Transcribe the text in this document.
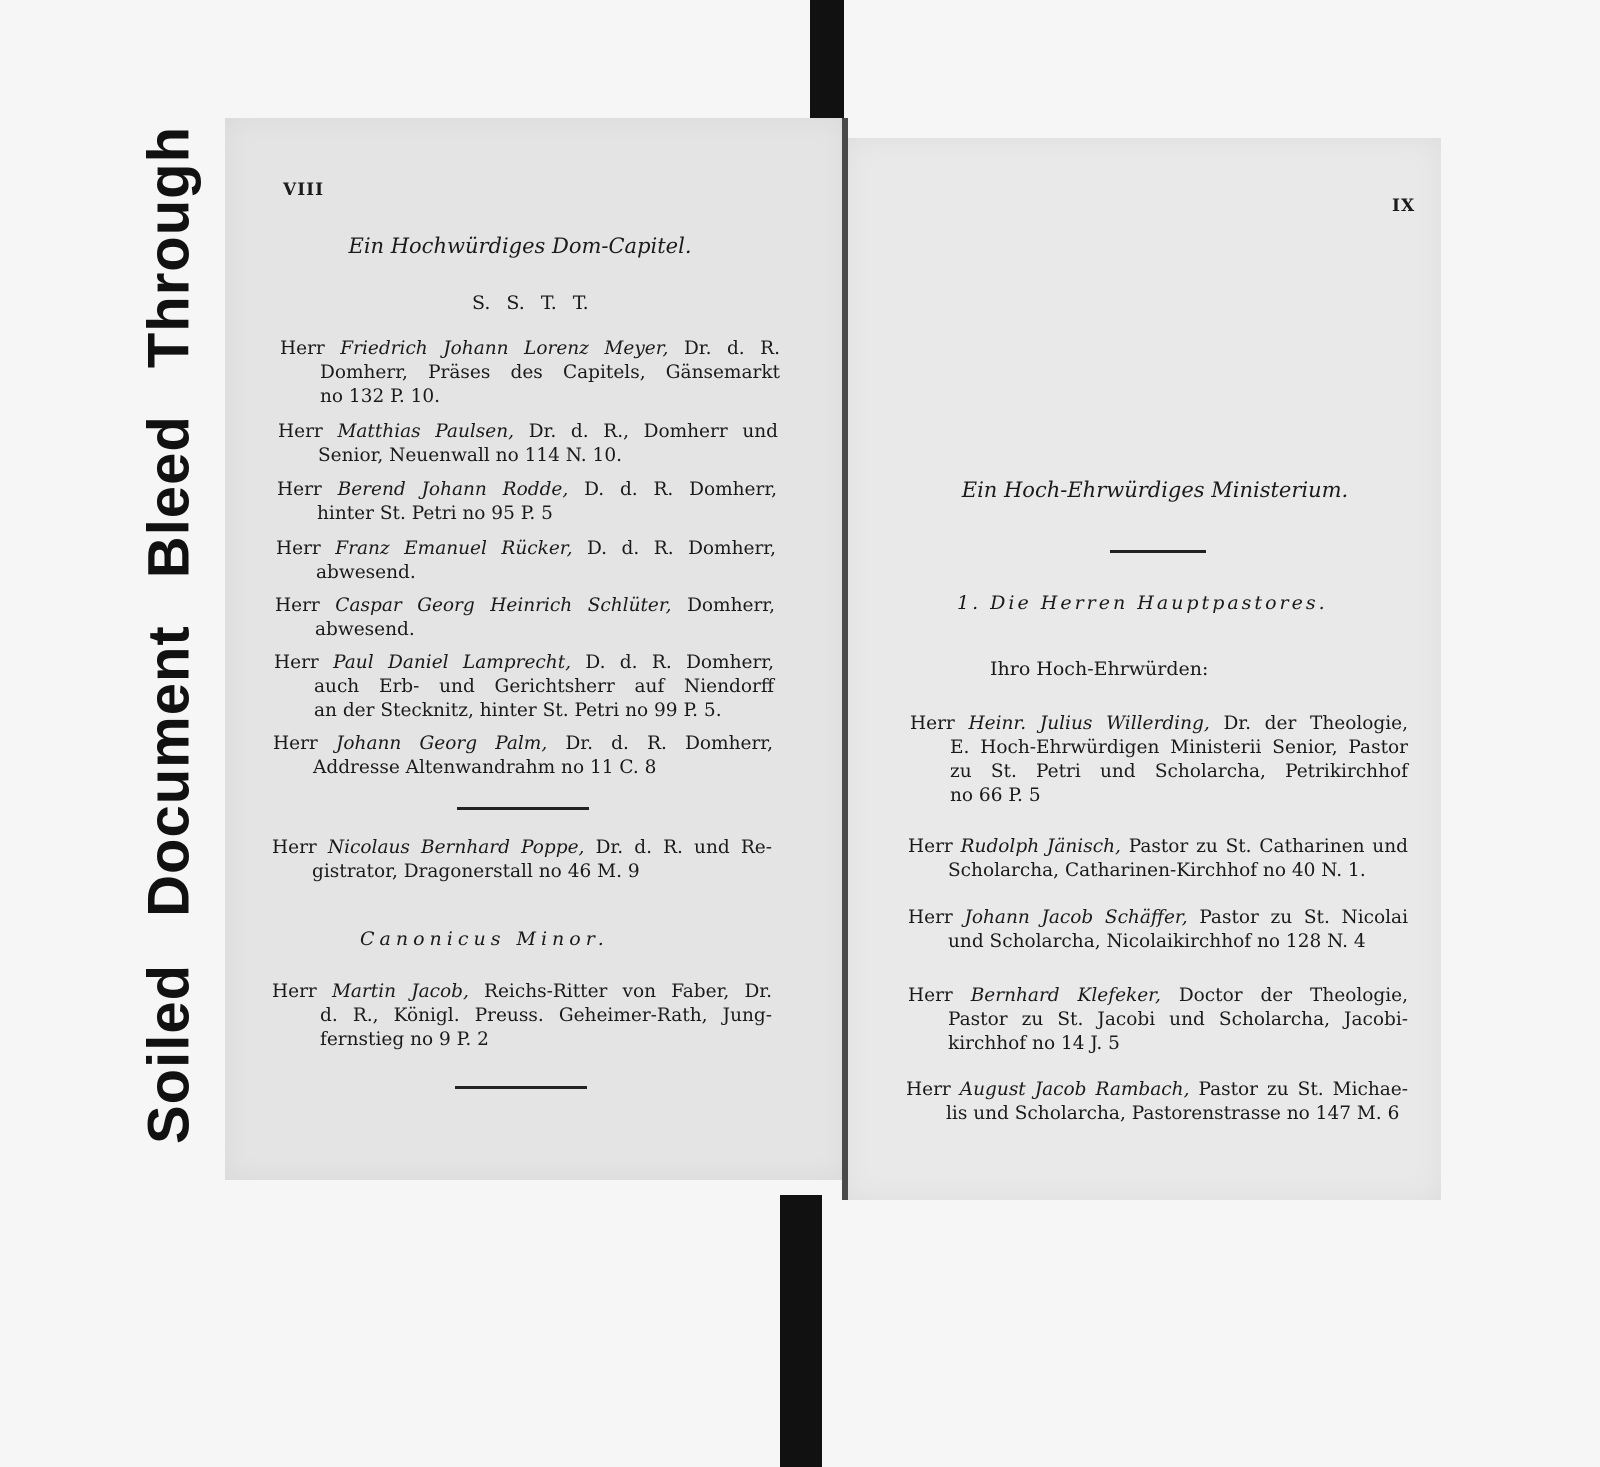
Soiled Document Bleed Through	VIII
Ein Hochwürdiges Dom-Capitel.
S. S. T. T.
Herr Friedrich Johann Lorenz Meyer, Dr. d. R.
Domherr, Präses des Capitels, Gänsemarkt
no 132 P. 10.
Herr Matthias Paulsen, Dr. d. R., Domherr und
Senior, Neuenwall no 114 N. 10.
Herr Berend Johann Rodde, D. d. R. Domherr,
hinter St. Petri no 95 P. 5
Herr Franz Emanuel Rücker, D. d. R. Domherr,
abwesend.
Herr Caspar Georg Heinrich Schlüter, Domherr,
abwesend.
Herr Paul Daniel Lamprecht, D. d. R. Domherr,
auch Erb- und Gerichtsherr auf Niendorff
an der Stecknitz, hinter St. Petri no 99 P. 5.
Herr Johann Georg Palm, Dr. d. R. Domherr,
Addresse Altenwandrahm no 11 C. 8
Herr Nicolaus Bernhard Poppe, Dr. d. R. und Re-
gistrator, Dragonerstall no 46 M. 9
Canonicus Minor.
Herr Martin Jacob, Reichs-Ritter von Faber, Dr.
d. R., Königl. Preuss. Geheimer-Rath, Jung-
fernstieg no 9 P. 2
IX
Ein Hoch-Ehrwürdiges Ministerium.
1. Die Herren Hauptpastores.
Ihro Hoch-Ehrwürden:
Herr Heinr. Julius Willerding, Dr. der Theologie,
E. Hoch-Ehrwürdigen Ministerii Senior, Pastor
zu St. Petri und Scholarcha, Petrikirchhof
no 66 P. 5
Herr Rudolph Jänisch, Pastor zu St. Catharinen und
Scholarcha, Catharinen-Kirchhof no 40 N. 1.
Herr Johann Jacob Schäffer, Pastor zu St. Nicolai
und Scholarcha, Nicolaikirchhof no 128 N. 4
Herr Bernhard Klefeker, Doctor der Theologie,
Pastor zu St. Jacobi und Scholarcha, Jacobi-
kirchhof no 14 J. 5
Herr August Jacob Rambach, Pastor zu St. Michae-
lis und Scholarcha, Pastorenstrasse no 147 M. 6
